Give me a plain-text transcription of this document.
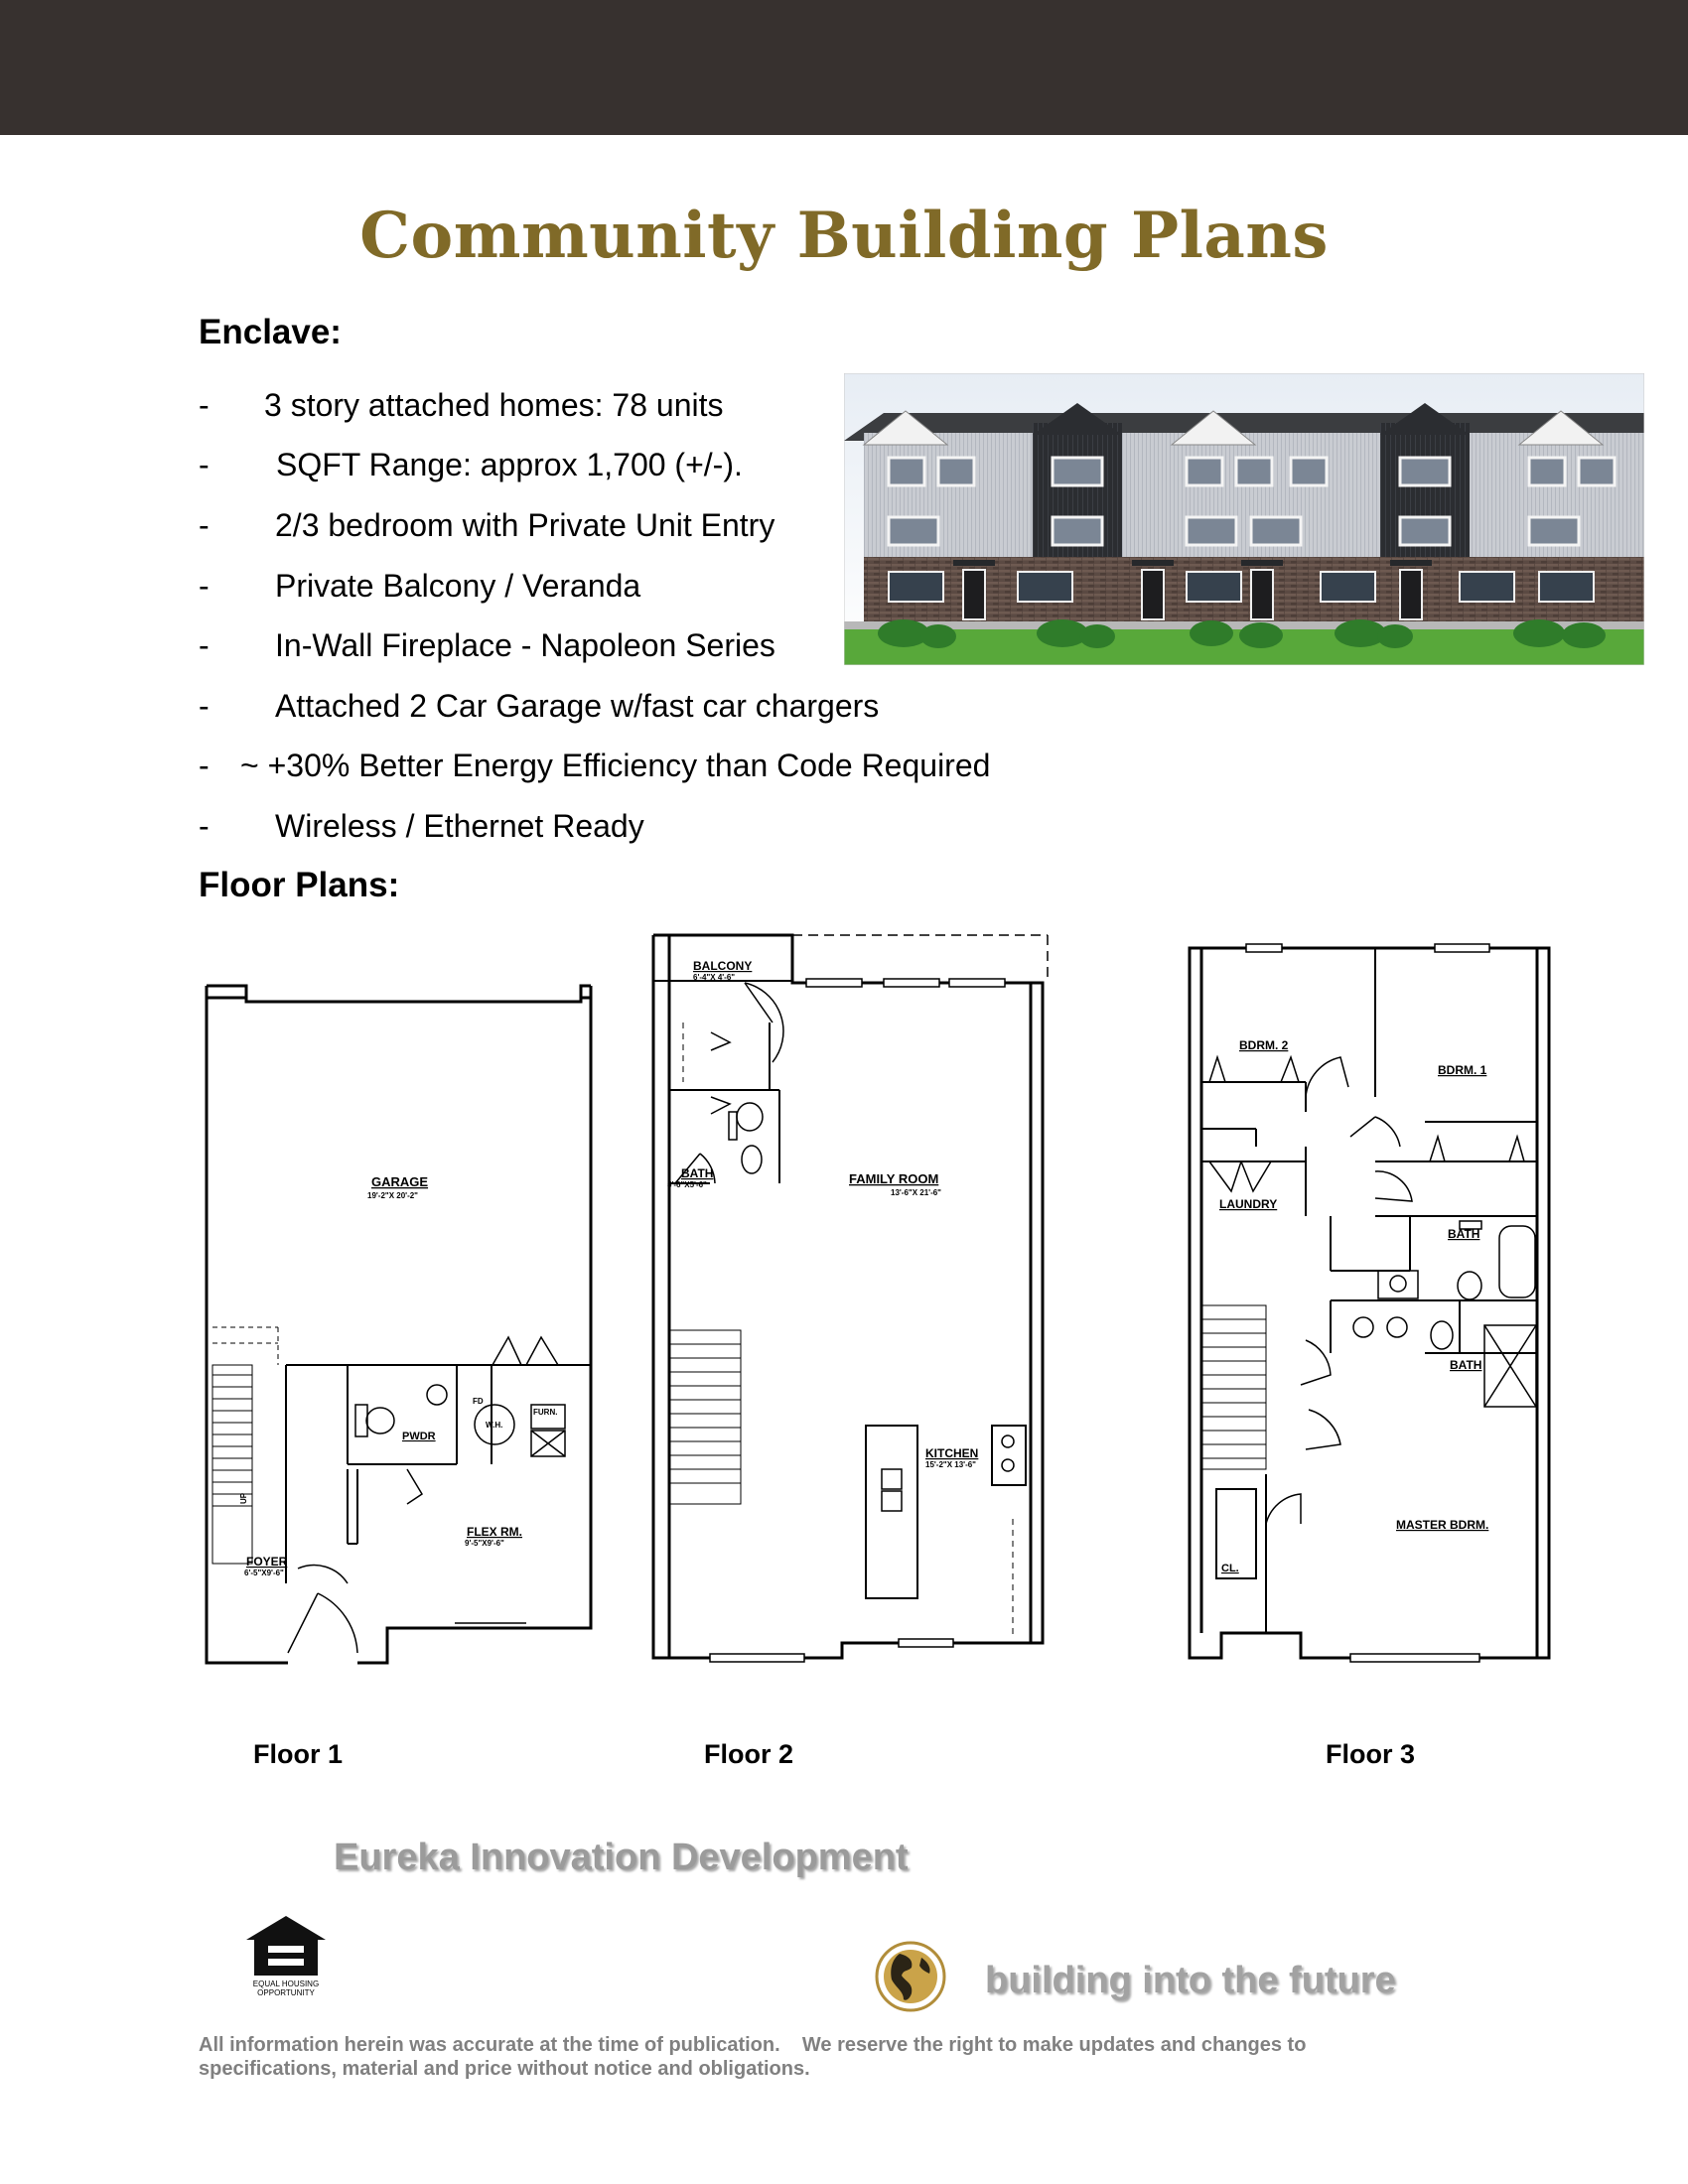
Community Building Plans
Enclave:
-	3 story attached homes: 78 units
-	SQFT Range: approx 1,700 (+/-).
-	2/3 bedroom with Private Unit Entry
-	Private Balcony / Veranda
-	In-Wall Fireplace - Napoleon Series
-	Attached 2 Car Garage w/fast car chargers
- ~ +30% Better Energy Efficiency than Code Required
-	Wireless / Ethernet Ready
Floor Plans:
GARAGE
19'-2"X 20'-2"
PWDR
W.H.
FURN.
FD
FLEX RM.
9'-5"X9'-6"
FOYER
6'-5"X9'-6"
UP
BALCONY
6'-4"X 4'-6"
BATH
5'-6"X5'-6"	FAMILY ROOM
13'-6"X 21'-6"
KITCHEN
15'-2"X 13'-6"
BDRM. 2
BDRM. 1
LAUNDRY
BATH
BATH
MASTER BDRM.
CL.
Floor 1	Floor 2	Floor 3
Eureka Innovation Development
EQUAL HOUSING
OPPORTUNITY	building into the future
All information herein was accurate at the time of publication.    We reserve the right to make updates and changes to
specifications, material and price without notice and obligations.
